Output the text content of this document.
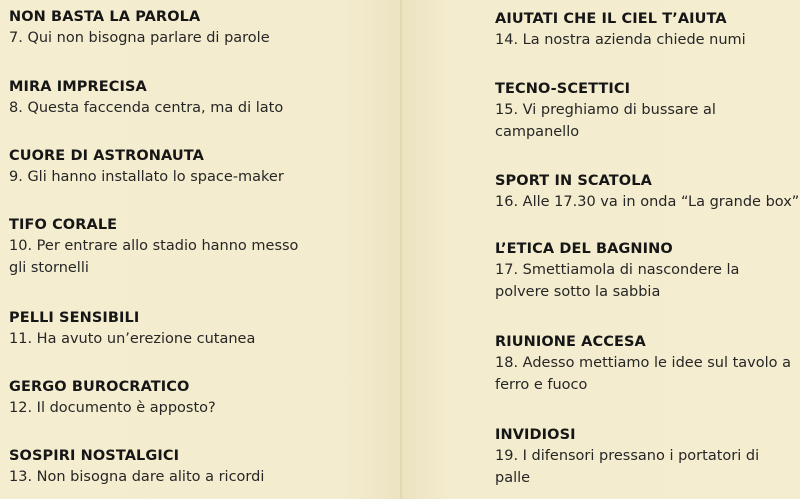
NON BASTA LA PAROLA
7. Qui non bisogna parlare di parole
MIRA IMPRECISA
8. Questa faccenda centra, ma di lato
CUORE DI ASTRONAUTA
9. Gli hanno installato lo space-maker
TIFO CORALE
10. Per entrare allo stadio hanno messo gli stornelli
PELLI SENSIBILI
11. Ha avuto un’erezione cutanea
GERGO BUROCRATICO
12. Il documento è apposto?
SOSPIRI NOSTALGICI
13. Non bisogna dare alito a ricordi
AIUTATI CHE IL CIEL T’AIUTA
14. La nostra azienda chiede numi
TECNO-SCETTICI
15. Vi preghiamo di bussare al campanello
SPORT IN SCATOLA
16. Alle 17.30 va in onda “La grande box”
L’ETICA DEL BAGNINO
17. Smettiamola di nascondere la polvere sotto la sabbia
RIUNIONE ACCESA
18. Adesso mettiamo le idee sul tavolo a ferro e fuoco
INVIDIOSI
19. I difensori pressano i portatori di palle
